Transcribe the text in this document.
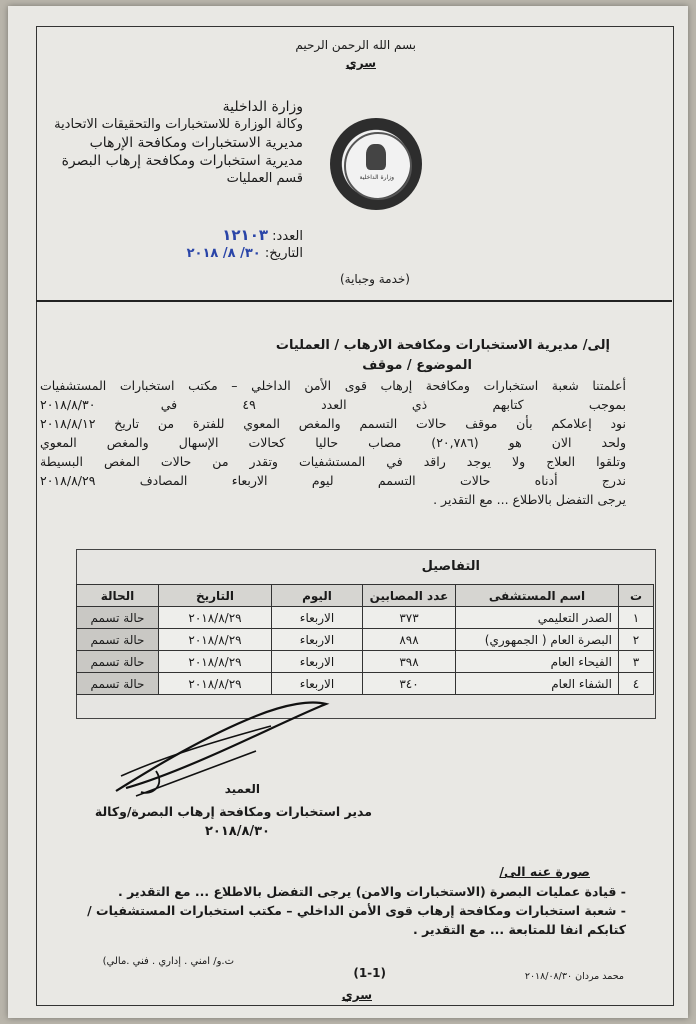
بسم الله الرحمن الرحيم
سري
وزارة الداخلية
وكالة الوزارة للاستخبارات والتحقيقات الاتحادية
مديرية الاستخبارات ومكافحة الإرهاب
مديرية استخبارات ومكافحة إرهاب البصرة
قسم العمليات	وزارة الداخلية
العدد: ١٢١٠٣
التاريخ: ٣٠/ ٨/ ٢٠١٨
(خدمة وجباية)
إلى/ مديرية الاستخبارات ومكافحة الارهاب / العمليات
الموضوع / موقف
أعلمتنا شعبة استخبارات ومكافحة إرهاب قوى الأمن الداخلي – مكتب استخبارات المستشفيات
بموجب كتابهم ذي العدد ٤٩ في ٢٠١٨/٨/٣٠
نود إعلامكم بأن موقف حالات التسمم والمغص المعوي للفترة من تاريخ ٢٠١٨/٨/١٢
ولحد الان هو (٢٠,٧٨٦) مصاب حاليا كحالات الإسهال والمغص المعوي
وتلقوا العلاج ولا يوجد راقد في المستشفيات وتقدر من حالات المغص البسيطة
ندرج أدناه حالات التسمم ليوم الاربعاء المصادف ٢٠١٨/٨/٢٩
يرجى التفضل بالاطلاع ... مع التقدير .
التفاصيل
ت	اسم المستشفى	عدد المصابين	اليوم	التاريخ	الحالة
١	الصدر التعليمي	٣٧٣	الاربعاء	٢٠١٨/٨/٢٩	حالة تسمم
٢	البصرة العام ( الجمهوري)	٨٩٨	الاربعاء	٢٠١٨/٨/٢٩	حالة تسمم
٣	الفيحاء العام	٣٩٨	الاربعاء	٢٠١٨/٨/٢٩	حالة تسمم
٤	الشفاء العام	٣٤٠	الاربعاء	٢٠١٨/٨/٢٩	حالة تسمم
العميد
مدير استخبارات ومكافحة إرهاب البصرة/وكالة
٢٠١٨/٨/٣٠
صورة عنه الى/
- قيادة عمليات البصرة (الاستخبارات والامن) يرجى التفضل بالاطلاع ... مع التقدير .
- شعبة استخبارات ومكافحة إرهاب قوى الأمن الداخلي – مكتب استخبارات المستشفيات /
كتابكم انفا للمتابعة ... مع التقدير .
ت.و/ امني . إداري . فني .مالي)
(1-1)
سري
محمد مردان ٢٠١٨/٠٨/٣٠
